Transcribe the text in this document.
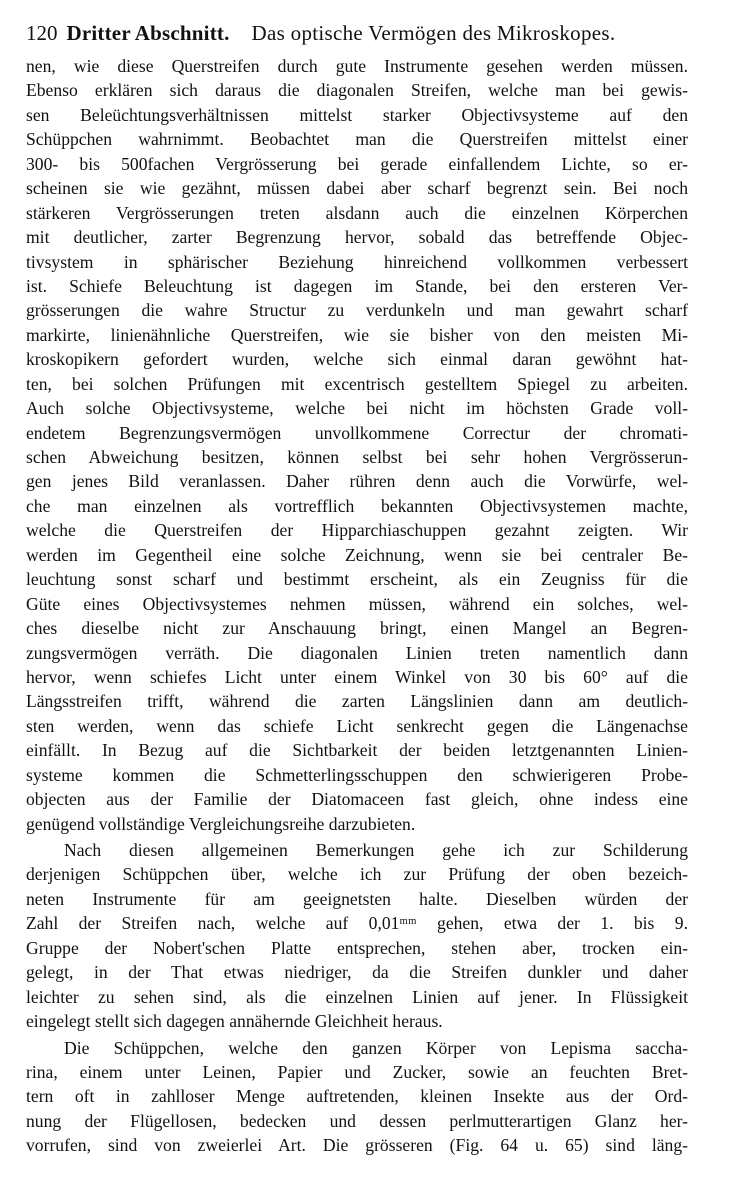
120 Dritter Abschnitt. Das optische Vermögen des Mikroskopes.
nen, wie diese Querstreifen durch gute Instrumente gesehen werden müssen.
Ebenso erklären sich daraus die diagonalen Streifen, welche man bei gewis-
sen Beleüchtungsverhältnissen mittelst starker Objectivsysteme auf den
Schüppchen wahrnimmt. Beobachtet man die Querstreifen mittelst einer
300- bis 500fachen Vergrösserung bei gerade einfallendem Lichte, so er-
scheinen sie wie gezähnt, müssen dabei aber scharf begrenzt sein. Bei noch
stärkeren Vergrösserungen treten alsdann auch die einzelnen Körperchen
mit deutlicher, zarter Begrenzung hervor, sobald das betreffende Objec-
tivsystem in sphärischer Beziehung hinreichend vollkommen verbessert
ist. Schiefe Beleuchtung ist dagegen im Stande, bei den ersteren Ver-
grösserungen die wahre Structur zu verdunkeln und man gewahrt scharf
markirte, linienähnliche Querstreifen, wie sie bisher von den meisten Mi-
kroskopikern gefordert wurden, welche sich einmal daran gewöhnt hat-
ten, bei solchen Prüfungen mit excentrisch gestelltem Spiegel zu arbeiten.
Auch solche Objectivsysteme, welche bei nicht im höchsten Grade voll-
endetem Begrenzungsvermögen unvollkommene Correctur der chromati-
schen Abweichung besitzen, können selbst bei sehr hohen Vergrösserun-
gen jenes Bild veranlassen. Daher rühren denn auch die Vorwürfe, wel-
che man einzelnen als vortrefflich bekannten Objectivsystemen machte,
welche die Querstreifen der Hipparchiaschuppen gezahnt zeigten. Wir
werden im Gegentheil eine solche Zeichnung, wenn sie bei centraler Be-
leuchtung sonst scharf und bestimmt erscheint, als ein Zeugniss für die
Güte eines Objectivsystemes nehmen müssen, während ein solches, wel-
ches dieselbe nicht zur Anschauung bringt, einen Mangel an Begren-
zungsvermögen verräth. Die diagonalen Linien treten namentlich dann
hervor, wenn schiefes Licht unter einem Winkel von 30 bis 60° auf die
Längsstreifen trifft, während die zarten Längslinien dann am deutlich-
sten werden, wenn das schiefe Licht senkrecht gegen die Längenachse
einfällt. In Bezug auf die Sichtbarkeit der beiden letztgenannten Linien-
systeme kommen die Schmetterlingsschuppen den schwierigeren Probe-
objecten aus der Familie der Diatomaceen fast gleich, ohne indess eine
genügend vollständige Vergleichungsreihe darzubieten.
Nach diesen allgemeinen Bemerkungen gehe ich zur Schilderung
derjenigen Schüppchen über, welche ich zur Prüfung der oben bezeich-
neten Instrumente für am geeignetsten halte. Dieselben würden der
Zahl der Streifen nach, welche auf 0,01ᵐᵐ gehen, etwa der 1. bis 9.
Gruppe der Nobert'schen Platte entsprechen, stehen aber, trocken ein-
gelegt, in der That etwas niedriger, da die Streifen dunkler und daher
leichter zu sehen sind, als die einzelnen Linien auf jener. In Flüssigkeit
eingelegt stellt sich dagegen annähernde Gleichheit heraus.
Die Schüppchen, welche den ganzen Körper von Lepisma saccha-
rina, einem unter Leinen, Papier und Zucker, sowie an feuchten Bret-
tern oft in zahlloser Menge auftretenden, kleinen Insekte aus der Ord-
nung der Flügellosen, bedecken und dessen perlmutterartigen Glanz her-
vorrufen, sind von zweierlei Art. Die grösseren (Fig. 64 u. 65) sind läng-
